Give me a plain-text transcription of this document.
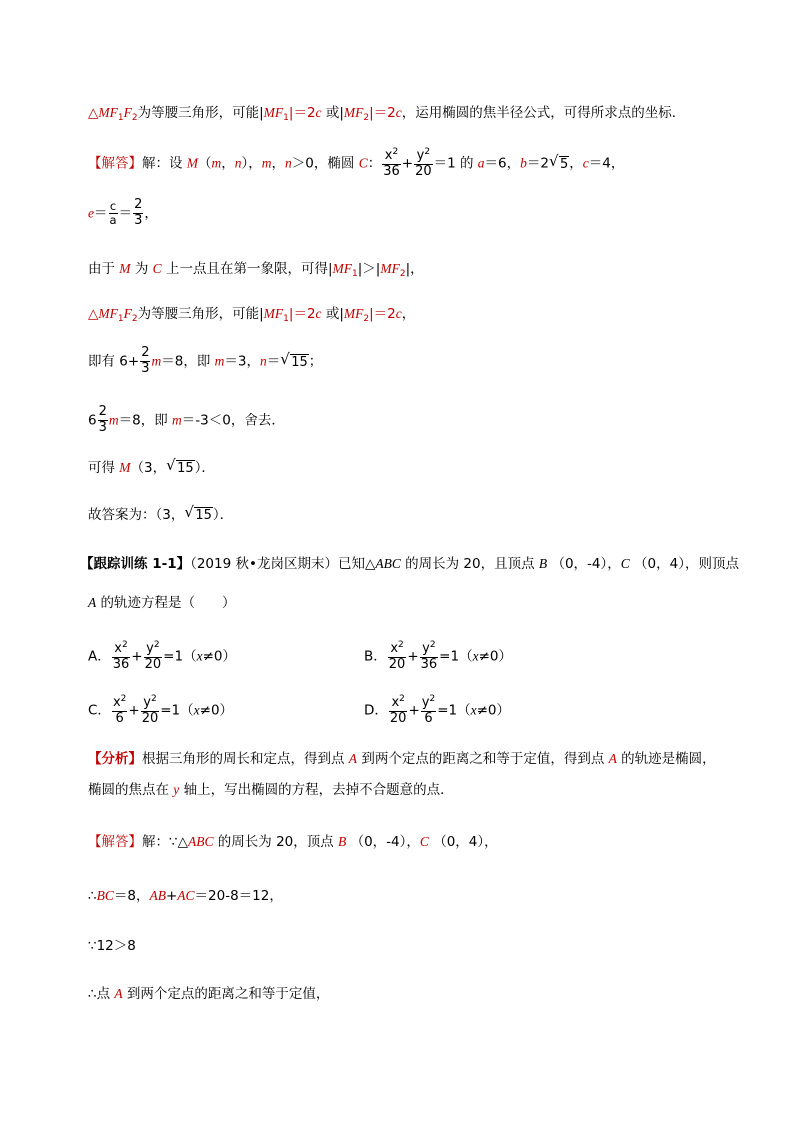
$\triangle MF_1F_2$为等腰三角形，可能$|MF_1|=2c$ 或$|MF_2|=2c$，运用椭圆的焦半径公式，可得所求点的坐标．
【解答】解：设 M（m，n），m，n＞0，椭圆 C： $\frac{x^2}{36} + \frac{y^2}{20} =1$ 的 a＝6，b＝2 √ 5，c＝4，
$e= \frac{c}{a} = \frac{2}{3}$ ，
由于 M 为 C 上一点且在第一象限，可得$|MF_1|>|MF_2|$，
$\triangle MF_1F_2$为等腰三角形，可能$|MF_1|=2c$ 或$|MF_2|=2c$，
即有 $6+ \frac{2}{3} m=8$，即 m＝3，n＝ √ 15；
$6 \frac{2}{3} m=8$，即 m＝-3＜0，舍去．
可得 M（3， √ 15）．
故答案为：（3， √ 15）．
【跟踪训练 1-1】（2019 秋•龙岗区期末）已知△ABC 的周长为 20，且顶点 B （0，-4），C （0，4），则顶点
A 的轨迹方程是（　　）
A． $\frac{x^2}{36} + \frac{y^2}{20} =1(x\ne 0)$	B． $\frac{x^2}{20} + \frac{y^2}{36} =1(x\ne 0)$
C． $\frac{x^2}{6} + \frac{y^2}{20} =1(x\ne 0)$	D． $\frac{x^2}{20} + \frac{y^2}{6} =1(x\ne 0)$
【分析】根据三角形的周长和定点，得到点 A 到两个定点的距离之和等于定值，得到点 A 的轨迹是椭圆，
椭圆的焦点在 y 轴上，写出椭圆的方程，去掉不合题意的点．
【解答】解：∵△ABC 的周长为 20，顶点 B （0，-4），C （0，4），
∴BC＝8，AB+AC＝20-8＝12，
∵12＞8
∴点 A 到两个定点的距离之和等于定值，
